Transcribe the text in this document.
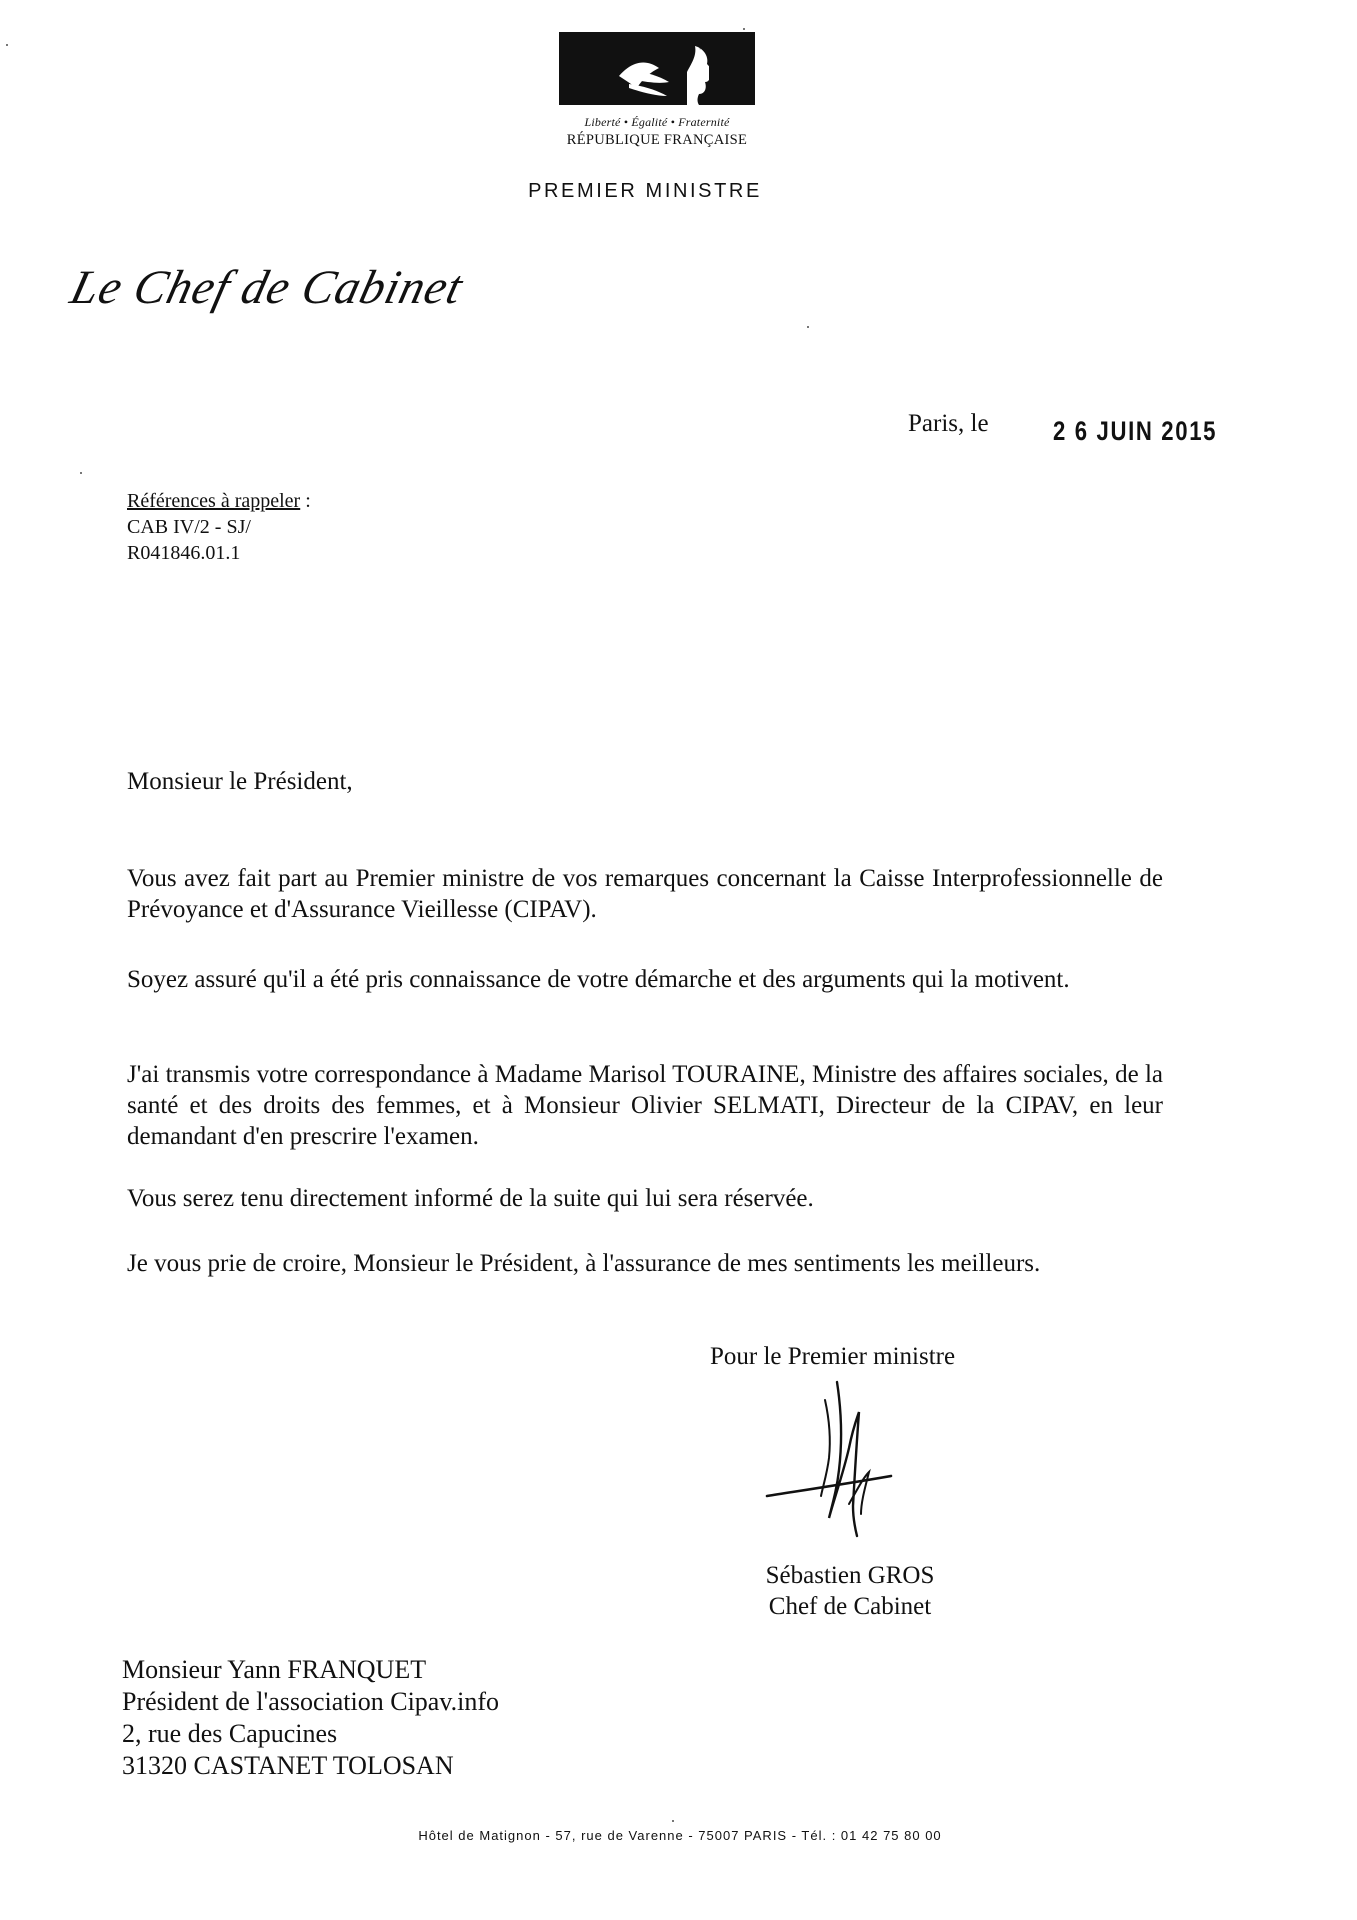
Liberté • Égalité • Fraternité
RÉPUBLIQUE FRANÇAISE
PREMIER MINISTRE
Le Chef de Cabinet
Paris, le 2 6 JUIN 2015
Références à rappeler :
CAB IV/2 - SJ/
R041846.01.1
Monsieur le Président,
Vous avez fait part au Premier ministre de vos remarques concernant la Caisse Interprofessionnelle de Prévoyance et d'Assurance Vieillesse (CIPAV).
Soyez assuré qu'il a été pris connaissance de votre démarche et des arguments qui la motivent.
J'ai transmis votre correspondance à Madame Marisol TOURAINE, Ministre des affaires sociales, de la santé et des droits des femmes, et à Monsieur Olivier SELMATI, Directeur de la CIPAV, en leur demandant d'en prescrire l'examen.
Vous serez tenu directement informé de la suite qui lui sera réservée.
Je vous prie de croire, Monsieur le Président, à l'assurance de mes sentiments les meilleurs.
Pour le Premier ministre
Sébastien GROS
Chef de Cabinet
Monsieur Yann FRANQUET
Président de l'association Cipav.info
2, rue des Capucines
31320 CASTANET TOLOSAN
Hôtel de Matignon - 57, rue de Varenne - 75007 PARIS - Tél. : 01 42 75 80 00
